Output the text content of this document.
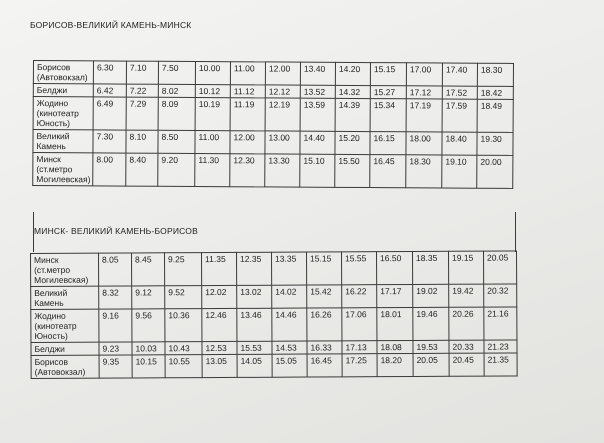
БОРИСОВ-ВЕЛИКИЙ КАМЕНЬ-МИНСК
Борисов (Автовокзал)	6.30	7.10	7.50	10.00	11.00	12.00	13.40	14.20	15.15	17.00	17.40	18.30
Белджи	6.42	7.22	8.02	10.12	11.12	12.12	13.52	14.32	15.27	17.12	17.52	18.42
Жодино (кинотеатр Юность)	6.49	7.29	8.09	10.19	11.19	12.19	13.59	14.39	15.34	17.19	17.59	18.49
Великий Камень	7.30	8.10	8.50	11.00	12.00	13.00	14.40	15.20	16.15	18.00	18.40	19.30
Минск (ст.метро Могилевская)	8.00	8.40	9.20	11.30	12.30	13.30	15.10	15.50	16.45	18.30	19.10	20.00
МИНСК- ВЕЛИКИЙ КАМЕНЬ-БОРИСОВ
Минск (ст.метро Могилевская)	8.05	8.45	9.25	11.35	12.35	13.35	15.15	15.55	16.50	18.35	19.15	20.05
Великий Камень	8.32	9.12	9.52	12.02	13.02	14.02	15.42	16.22	17.17	19.02	19.42	20.32
Жодино (кинотеатр Юность)	9.16	9.56	10.36	12.46	13.46	14.46	16.26	17.06	18.01	19.46	20.26	21.16
Белджи	9.23	10.03	10.43	12.53	15.53	14.53	16.33	17.13	18.08	19.53	20.33	21.23
Борисов (Автовокзал)	9.35	10.15	10.55	13.05	14.05	15.05	16.45	17.25	18.20	20.05	20.45	21.35
